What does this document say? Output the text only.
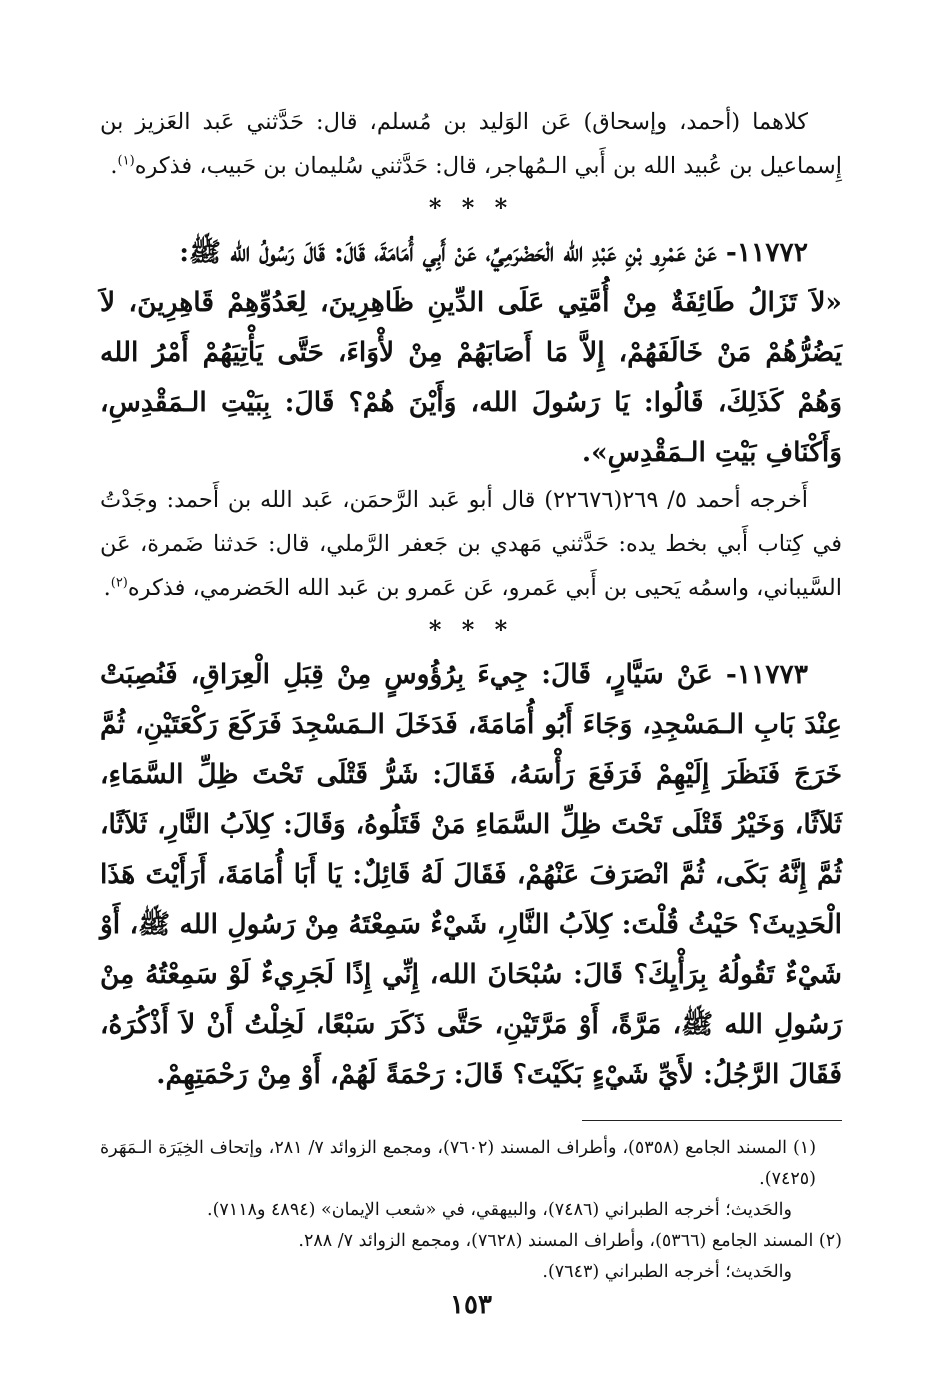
كلاهما (أحمد، وإسحاق) عَن الوَليد بن مُسلم، قال: حَدَّثني عَبد العَزيز بن إِسماعيل بن عُبيد الله بن أَبي الـمُهاجر، قال: حَدَّثني سُليمان بن حَبيب، فذكره$^{(١)}$.

* * *

١١٧٧٢- عَنْ عَمْرِو بْنِ عَبْدِ الله الْحَضْرَمِيِّ، عَنْ أَبِي أُمَامَةَ، قَالَ: قَالَ رَسُولُ الله ﷺ:

«لاَ تَزَالُ طَائِفَةٌ مِنْ أُمَّتِي عَلَى الدِّينِ ظَاهِرِينَ، لِعَدُوِّهِمْ قَاهِرِينَ، لاَ يَضُرُّهُمْ مَنْ خَالَفَهُمْ، إِلاَّ مَا أَصَابَهُمْ مِنْ لأْوَاءَ، حَتَّى يَأْتِيَهُمْ أَمْرُ الله وَهُمْ كَذَلِكَ، قَالُوا: يَا رَسُولَ الله، وَأَيْنَ هُمْ؟ قَالَ: بِبَيْتِ الـمَقْدِسِ، وَأَكْنَافِ بَيْتِ الـمَقْدِسِ».

أَخرجه أحمد ٥/ ٢٦٩(٢٢٦٧٦) قال أبو عَبد الرَّحمَن، عَبد الله بن أَحمد: وجَدْتُ في كِتاب أَبي بخط يده: حَدَّثني مَهدي بن جَعفر الرَّملي، قال: حَدثنا ضَمرة، عَن السَّيباني، واسمُه يَحيى بن أَبي عَمرو، عَن عَمرو بن عَبد الله الحَضرمي، فذكره$^{(٢)}$.

* * *

١١٧٧٣- عَنْ سَيَّارٍ، قَالَ: جِيءَ بِرُؤُوسٍ مِنْ قِبَلِ الْعِرَاقِ، فَنُصِبَتْ عِنْدَ بَابِ الـمَسْجِدِ، وَجَاءَ أَبُو أُمَامَةَ، فَدَخَلَ الـمَسْجِدَ فَرَكَعَ رَكْعَتَيْنِ، ثُمَّ خَرَجَ فَنَظَرَ إِلَيْهِمْ فَرَفَعَ رَأْسَهُ، فَقَالَ: شَرُّ قَتْلَى تَحْتَ ظِلِّ السَّمَاءِ، ثَلاَثًا، وَخَيْرُ قَتْلَى تَحْتَ ظِلِّ السَّمَاءِ مَنْ قَتَلُوهُ، وَقَالَ: كِلاَبُ النَّارِ، ثَلاَثًا، ثُمَّ إِنَّهُ بَكَى، ثُمَّ انْصَرَفَ عَنْهُمْ، فَقَالَ لَهُ قَائِلٌ: يَا أَبَا أُمَامَةَ، أَرَأَيْتَ هَذَا الْحَدِيثَ؟ حَيْثُ قُلْتَ: كِلاَبُ النَّارِ، شَيْءٌ سَمِعْتَهُ مِنْ رَسُولِ الله ﷺ، أَوْ شَيْءٌ تَقُولُهُ بِرَأْيِكَ؟ قَالَ: سُبْحَانَ الله، إِنِّي إِذًا لَجَرِيءٌ لَوْ سَمِعْتُهُ مِنْ رَسُولِ الله ﷺ، مَرَّةً، أَوْ مَرَّتَيْنِ، حَتَّى ذَكَرَ سَبْعًا، لَخِلْتُ أَنْ لاَ أَذْكُرَهُ، فَقَالَ الرَّجُلُ: لأَيِّ شَيْءٍ بَكَيْتَ؟ قَالَ: رَحْمَةً لَهُمْ، أَوْ مِنْ رَحْمَتِهِمْ.

(١) المسند الجامع (٥٣٥٨)، وأطراف المسند (٧٦٠٢)، ومجمع الزوائد ٧/ ٢٨١، وإتحاف الخِيَرَة الـمَهَرة (٧٤٢٥).

والحَديث؛ أخرجه الطبراني (٧٤٨٦)، والبيهقي، في «شعب الإيمان» (٤٨٩٤ و٧١١٨).

(٢) المسند الجامع (٥٣٦٦)، وأطراف المسند (٧٦٢٨)، ومجمع الزوائد ٧/ ٢٨٨.

والحَديث؛ أخرجه الطبراني (٧٦٤٣).

١٥٣
